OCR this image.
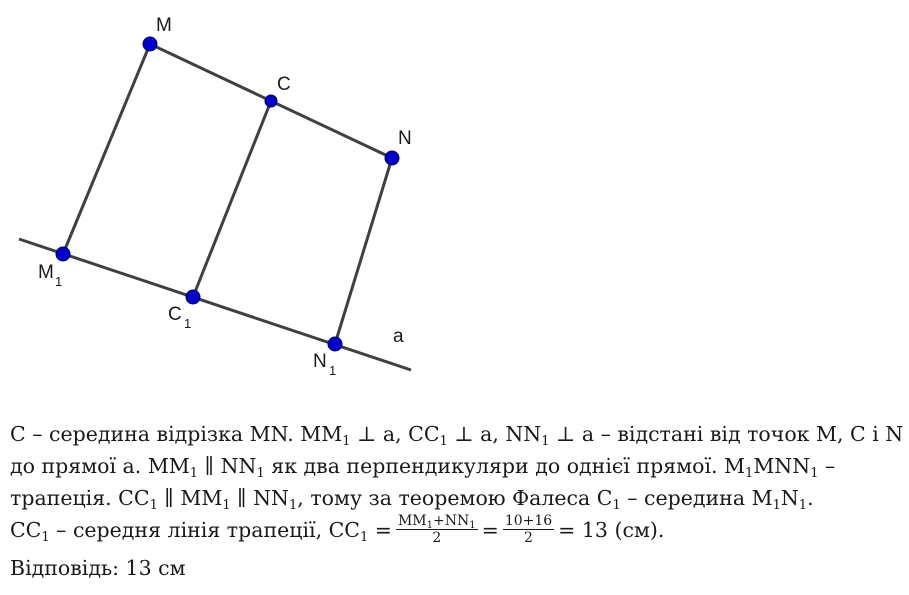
M
C
N
M 1
C 1
N 1
a
C – середина відрізка MN. $MM_1$ ⊥ a, $CC_1$ ⊥ a, $NN_1$ ⊥ a – відстані від точок M, C і N
до прямої a. $MM_1$ ∥ $NN_1$ як два перпендикуляри до однієї прямої. $M_1MNN_1$ –
трапеція. $CC_1$ ∥ $MM_1$ ∥ $NN_1$, тому за теоремою Фалеса $C_1$ – середина $M_1N_1$.
$CC_1$ – середня лінія трапеції, $CC_1 = \frac{MM_1+NN_1}{2} = \frac{10+16}{2} = 13$ (см).
Відповідь: 13 см
